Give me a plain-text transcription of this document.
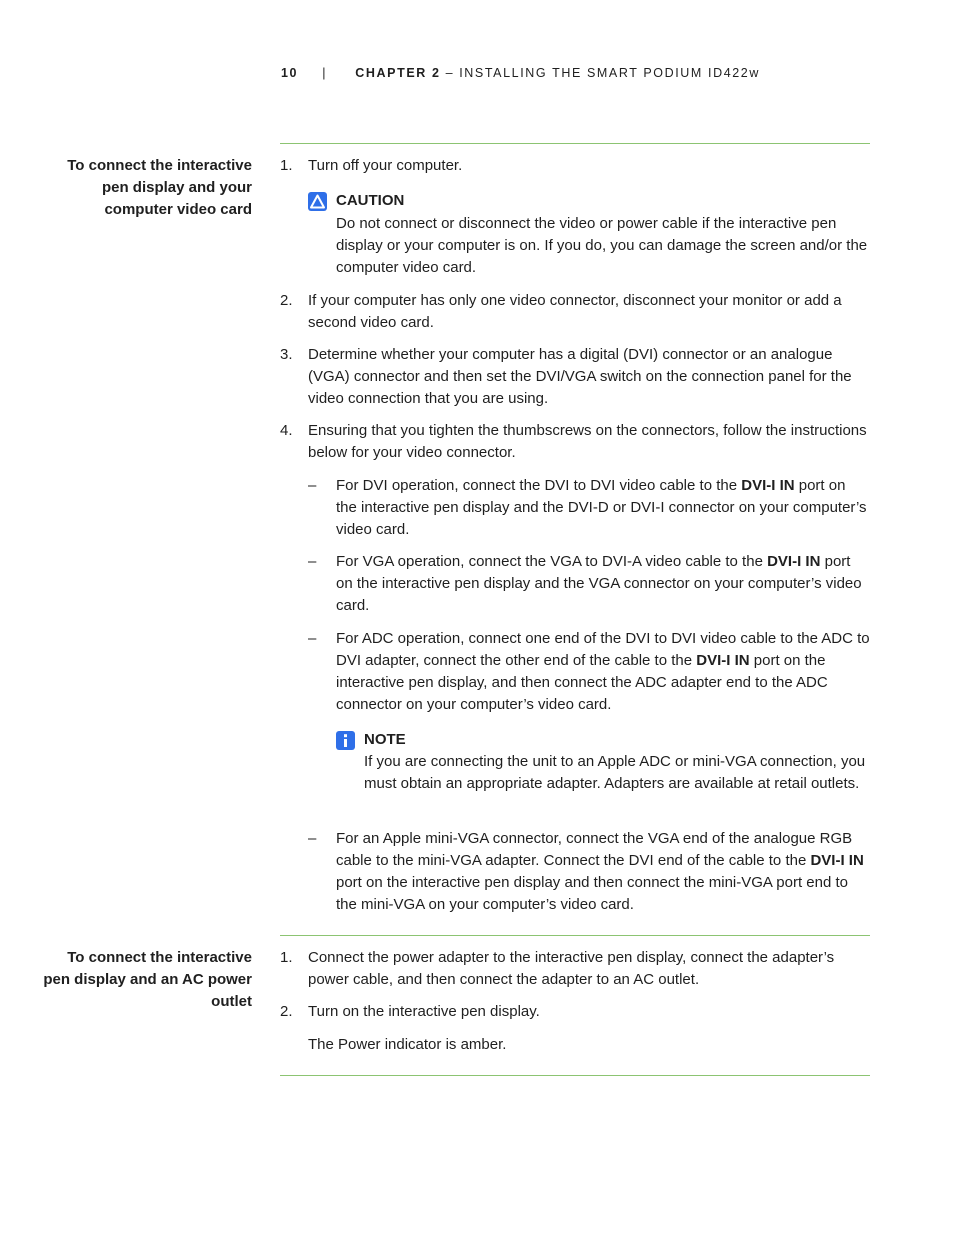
10 | CHAPTER 2 – INSTALLING THE SMART PODIUM ID422w
To connect the interactive pen display and your computer video card
1. Turn off your computer.
CAUTION
Do not connect or disconnect the video or power cable if the interactive pen display or your computer is on. If you do, you can damage the screen and/or the computer video card.
2. If your computer has only one video connector, disconnect your monitor or add a second video card.
3. Determine whether your computer has a digital (DVI) connector or an analogue (VGA) connector and then set the DVI/VGA switch on the connection panel for the video connection that you are using.
4. Ensuring that you tighten the thumbscrews on the connectors, follow the instructions below for your video connector.
– For DVI operation, connect the DVI to DVI video cable to the DVI-I IN port on the interactive pen display and the DVI-D or DVI-I connector on your computer’s video card.
– For VGA operation, connect the VGA to DVI-A video cable to the DVI-I IN port on the interactive pen display and the VGA connector on your computer’s video card.
– For ADC operation, connect one end of the DVI to DVI video cable to the ADC to DVI adapter, connect the other end of the cable to the DVI-I IN port on the interactive pen display, and then connect the ADC adapter end to the ADC connector on your computer’s video card.
NOTE
If you are connecting the unit to an Apple ADC or mini-VGA connection, you must obtain an appropriate adapter. Adapters are available at retail outlets.
– For an Apple mini-VGA connector, connect the VGA end of the analogue RGB cable to the mini-VGA adapter. Connect the DVI end of the cable to the DVI-I IN port on the interactive pen display and then connect the mini-VGA port end to the mini-VGA on your computer’s video card.
To connect the interactive pen display and an AC power outlet
1. Connect the power adapter to the interactive pen display, connect the adapter’s power cable, and then connect the adapter to an AC outlet.
2. Turn on the interactive pen display.
The Power indicator is amber.
